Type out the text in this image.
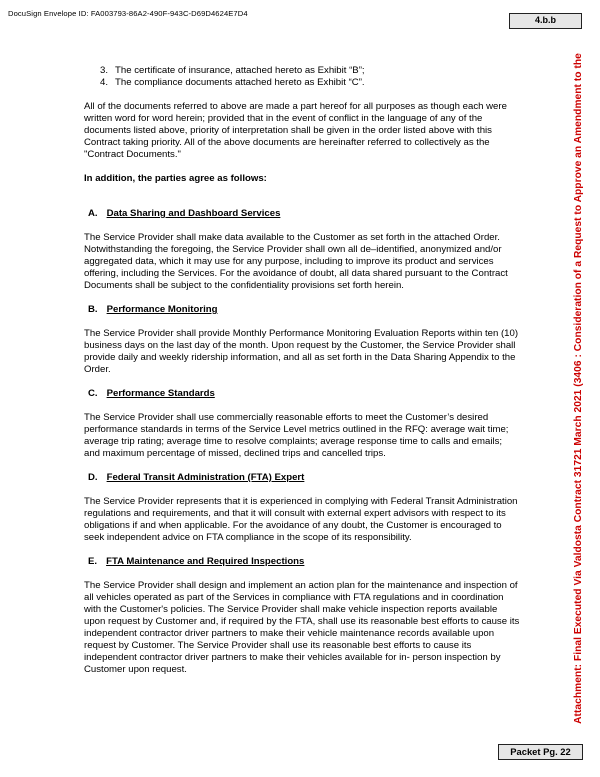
DocuSign Envelope ID: FA003793-86A2-490F-943C-D69D4624E7D4
4.b.b
3. The certificate of insurance, attached hereto as Exhibit “B”;
4. The compliance documents attached hereto as Exhibit “C”.

All of the documents referred to above are made a part hereof for all purposes as though each were written word for word herein; provided that in the event of conflict in the language of any of the documents listed above, priority of interpretation shall be given in the order listed above with this Contract taking priority. All of the above documents are hereinafter referred to collectively as the "Contract Documents."

In addition, the parties agree as follows:

A. Data Sharing and Dashboard Services

The Service Provider shall make data available to the Customer as set forth in the attached Order. Notwithstanding the foregoing, the Service Provider shall own all de–identified, anonymized and/or aggregated data, which it may use for any purpose, including to improve its product and services offering, including the Services. For the avoidance of doubt, all data shared pursuant to the Contract Documents shall be subject to the confidentiality provisions set forth herein.

B. Performance Monitoring

The Service Provider shall provide Monthly Performance Monitoring Evaluation Reports within ten (10) business days on the last day of the month. Upon request by the Customer, the Service Provider shall provide daily and weekly ridership information, and all as set forth in the Data Sharing Appendix to the Order.

C. Performance Standards

The Service Provider shall use commercially reasonable efforts to meet the Customer’s desired performance standards in terms of the Service Level metrics outlined in the RFQ: average wait time; average trip rating; average time to resolve complaints; average response time to calls and emails; and maximum percentage of missed, declined trips and cancelled trips.

D. Federal Transit Administration (FTA) Expert

The Service Provider represents that it is experienced in complying with Federal Transit Administration regulations and requirements, and that it will consult with external expert advisors with respect to its obligations if and when applicable. For the avoidance of any doubt, the Customer is encouraged to seek independent advice on FTA compliance in the scope of its responsibility.

E. FTA Maintenance and Required Inspections

The Service Provider shall design and implement an action plan for the maintenance and inspection of all vehicles operated as part of the Services in compliance with FTA regulations and in coordination with the Customer's policies. The Service Provider shall make vehicle inspection reports available upon request by Customer and, if required by the FTA, shall use its reasonable best efforts to cause its independent contractor driver partners to make their vehicle maintenance records available upon request by Customer. The Service Provider shall use its reasonable best efforts to cause its independent contractor driver partners to make their vehicles available for in- person inspection by Customer upon request.	Attachment: Final Executed Via Valdosta Contract 31721 March 2021 (3406 : Consideration of a Request to Approve an Amendment to the
Packet Pg. 22
